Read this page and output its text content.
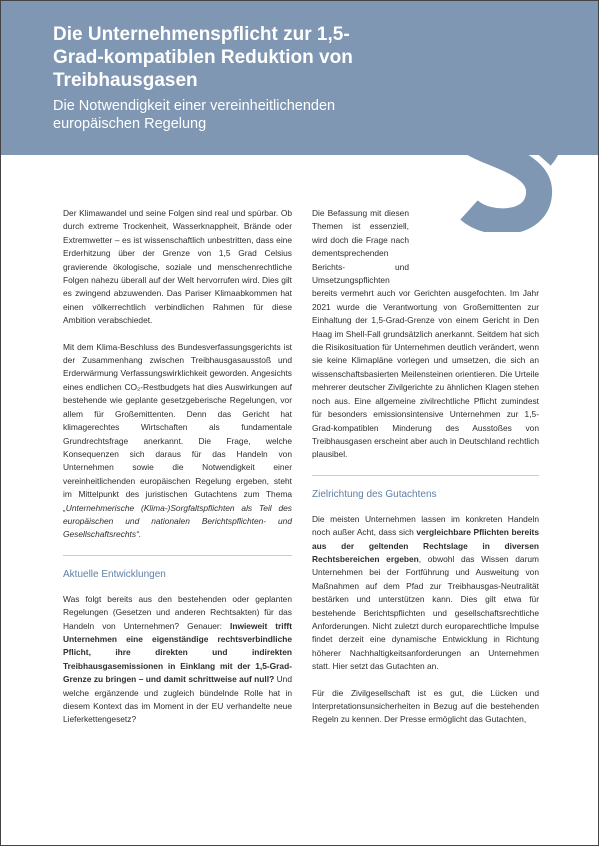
Die Unternehmenspflicht zur 1,5-Grad-kompatiblen Reduktion von Treibhausgasen
Die Notwendigkeit einer vereinheitlichenden europäischen Regelung

Der Klimawandel und seine Folgen sind real und spürbar. Ob durch extreme Trockenheit, Wasserknappheit, Brände oder Extremwetter – es ist wissenschaftlich unbestritten, dass eine Erderhitzung über der Grenze von 1,5 Grad Celsius gravierende ökologische, soziale und menschenrechtliche Folgen nahezu überall auf der Welt hervorrufen wird. Dies gilt es zwingend abzuwenden. Das Pariser Klimaabkommen hat einen völkerrechtlich verbindlichen Rahmen für diese Ambition verabschiedet.

Mit dem Klima-Beschluss des Bundesverfassungsgerichts ist der Zusammenhang zwischen Treibhausgasausstoß und Erderwärmung Verfassungswirklichkeit geworden. Angesichts eines endlichen CO₂-Restbudgets hat dies Auswirkungen auf bestehende wie geplante gesetzgeberische Regelungen, vor allem für Großemittenten. Denn das Gericht hat klimagerechtes Wirtschaften als fundamentale Grundrechtsfrage anerkannt. Die Frage, welche Konsequenzen sich daraus für das Handeln von Unternehmen sowie die Notwendigkeit einer vereinheitlichenden europäischen Regelung ergeben, steht im Mittelpunkt des juristischen Gutachtens zum Thema „Unternehmerische (Klima-)Sorgfaltspflichten als Teil des europäischen und nationalen Berichtspflichten- und Gesellschaftsrechts“.

Aktuelle Entwicklungen

Was folgt bereits aus den bestehenden oder geplanten Regelungen (Gesetzen und anderen Rechtsakten) für das Handeln von Unternehmen? Genauer: Inwieweit trifft Unternehmen eine eigenständige rechtsverbindliche Pflicht, ihre direkten und indirekten Treibhausgasemissionen in Einklang mit der 1,5-Grad-Grenze zu bringen – und damit schrittweise auf null? Und welche ergänzende und zugleich bündelnde Rolle hat in diesem Kontext das im Moment in der EU verhandelte neue Lieferkettengesetz?

Die Befassung mit diesen Themen ist essenziell, wird doch die Frage nach dementsprechenden Berichts- und Umsetzungspflichten bereits vermehrt auch vor Gerichten ausgefochten. Im Jahr 2021 wurde die Verantwortung von Großemittenten zur Einhaltung der 1,5-Grad-Grenze von einem Gericht in Den Haag im Shell-Fall grundsätzlich anerkannt. Seitdem hat sich die Risikosituation für Unternehmen deutlich verändert, wenn sie keine Klimapläne vorlegen und umsetzen, die sich an wissenschaftsbasierten Meilensteinen orientieren. Die Urteile mehrerer deutscher Zivilgerichte zu ähnlichen Klagen stehen noch aus. Eine allgemeine zivilrechtliche Pflicht zumindest für besonders emissionsintensive Unternehmen zur 1,5-Grad-kompatiblen Minderung des Ausstoßes von Treibhausgasen erscheint aber auch in Deutschland rechtlich plausibel.

Zielrichtung des Gutachtens

Die meisten Unternehmen lassen im konkreten Handeln noch außer Acht, dass sich vergleichbare Pflichten bereits aus der geltenden Rechtslage in diversen Rechtsbereichen ergeben, obwohl das Wissen darum Unternehmen bei der Fortführung und Ausweitung von Maßnahmen auf dem Pfad zur Treibhausgas-Neutralität bestärken und unterstützen kann. Dies gilt etwa für bestehende Berichtspflichten und gesellschaftsrechtliche Anforderungen. Nicht zuletzt durch europarechtliche Impulse findet derzeit eine dynamische Entwicklung in Richtung höherer Nachhaltigkeitsanforderungen an Unternehmen statt. Hier setzt das Gutachten an.

Für die Zivilgesellschaft ist es gut, die Lücken und Interpretationsunsicherheiten in Bezug auf die bestehenden Regeln zu kennen. Der Presse ermöglicht das Gutachten,
